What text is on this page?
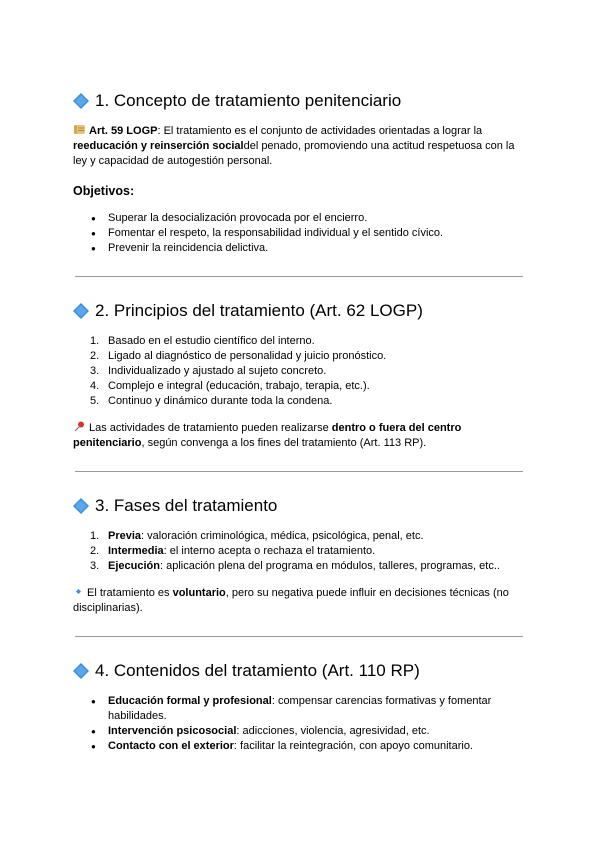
1. Concepto de tratamiento penitenciario
Art. 59 LOGP: El tratamiento es el conjunto de actividades orientadas a lograr la
reeducación y reinserción socialdel penado, promoviendo una actitud respetuosa con la
ley y capacidad de autogestión personal.
Objetivos:
● Superar la desocialización provocada por el encierro.
● Fomentar el respeto, la responsabilidad individual y el sentido cívico.
● Prevenir la reincidencia delictiva.
2. Principios del tratamiento (Art. 62 LOGP)
1. Basado en el estudio científico del interno.
2. Ligado al diagnóstico de personalidad y juicio pronóstico.
3. Individualizado y ajustado al sujeto concreto.
4. Complejo e integral (educación, trabajo, terapia, etc.).
5. Continuo y dinámico durante toda la condena.
Las actividades de tratamiento pueden realizarse dentro o fuera del centro
penitenciario, según convenga a los fines del tratamiento (Art. 113 RP).
3. Fases del tratamiento
1. Previa: valoración criminológica, médica, psicológica, penal, etc.
2. Intermedia: el interno acepta o rechaza el tratamiento.
3. Ejecución: aplicación plena del programa en módulos, talleres, programas, etc..
El tratamiento es voluntario, pero su negativa puede influir en decisiones técnicas (no
disciplinarias).
4. Contenidos del tratamiento (Art. 110 RP)
● Educación formal y profesional: compensar carencias formativas y fomentar
habilidades.
● Intervención psicosocial: adicciones, violencia, agresividad, etc.
● Contacto con el exterior: facilitar la reintegración, con apoyo comunitario.
